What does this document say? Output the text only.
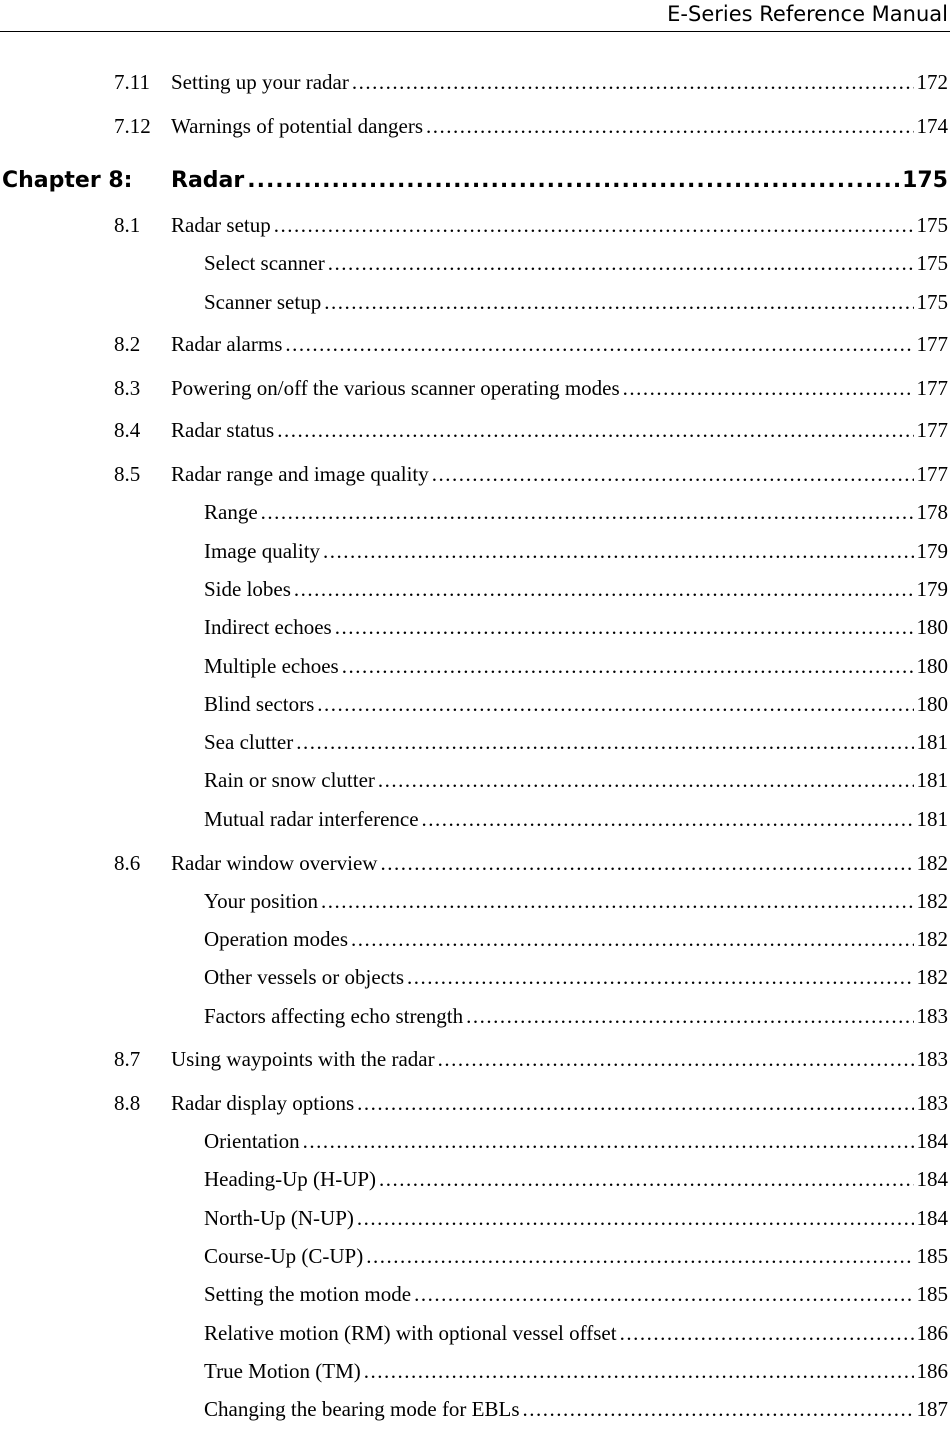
E-Series Reference Manual
7.11 Setting up your radar .....	172
7.12 Warnings of potential dangers .....	174
Chapter 8: Radar .....	175
8.1 Radar setup .....	175
Select scanner .....	175
Scanner setup .....	175
8.2 Radar alarms .....	177
8.3 Powering on/off the various scanner operating modes .....	177
8.4 Radar status .....	177
8.5 Radar range and image quality .....	177
Range .....	178
Image quality .....	179
Side lobes .....	179
Indirect echoes .....	180
Multiple echoes .....	180
Blind sectors .....	180
Sea clutter .....	181
Rain or snow clutter .....	181
Mutual radar interference .....	181
8.6 Radar window overview .....	182
Your position .....	182
Operation modes .....	182
Other vessels or objects .....	182
Factors affecting echo strength .....	183
8.7 Using waypoints with the radar .....	183
8.8 Radar display options .....	183
Orientation .....	184
Heading-Up (H-UP) .....	184
North-Up (N-UP) .....	184
Course-Up (C-UP) .....	185
Setting the motion mode .....	185
Relative motion (RM) with optional vessel offset .....	186
True Motion (TM) .....	186
Changing the bearing mode for EBLs .....	187
